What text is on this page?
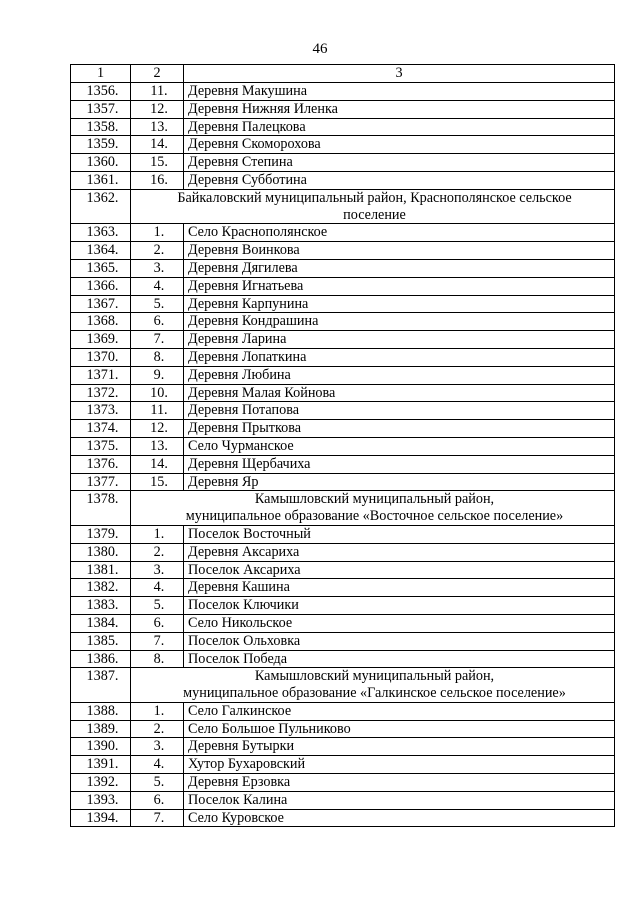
46
1	2	3
1356.	11.	Деревня Макушина
1357.	12.	Деревня Нижняя Иленка
1358.	13.	Деревня Палецкова
1359.	14.	Деревня Скоморохова
1360.	15.	Деревня Степина
1361.	16.	Деревня Субботина
1362.	Байкаловский муниципальный район, Краснополянское сельское
поселение	

1363.	1.	Село Краснополянское
1364.	2.	Деревня Воинкова
1365.	3.	Деревня Дягилева
1366.	4.	Деревня Игнатьева
1367.	5.	Деревня Карпунина
1368.	6.	Деревня Кондрашина
1369.	7.	Деревня Ларина
1370.	8.	Деревня Лопаткина
1371.	9.	Деревня Любина
1372.	10.	Деревня Малая Койнова
1373.	11.	Деревня Потапова
1374.	12.	Деревня Прыткова
1375.	13.	Село Чурманское
1376.	14.	Деревня Щербачиха
1377.	15.	Деревня Яр
1378.	Камышловский муниципальный район,
муниципальное образование «Восточное сельское поселение»	

1379.	1.	Поселок Восточный
1380.	2.	Деревня Аксариха
1381.	3.	Поселок Аксариха
1382.	4.	Деревня Кашина
1383.	5.	Поселок Ключики
1384.	6.	Село Никольское
1385.	7.	Поселок Ольховка
1386.	8.	Поселок Победа
1387.	Камышловский муниципальный район,
муниципальное образование «Галкинское сельское поселение»	

1388.	1.	Село Галкинское
1389.	2.	Село Большое Пульниково
1390.	3.	Деревня Бутырки
1391.	4.	Хутор Бухаровский
1392.	5.	Деревня Ерзовка
1393.	6.	Поселок Калина
1394.	7.	Село Куровское
